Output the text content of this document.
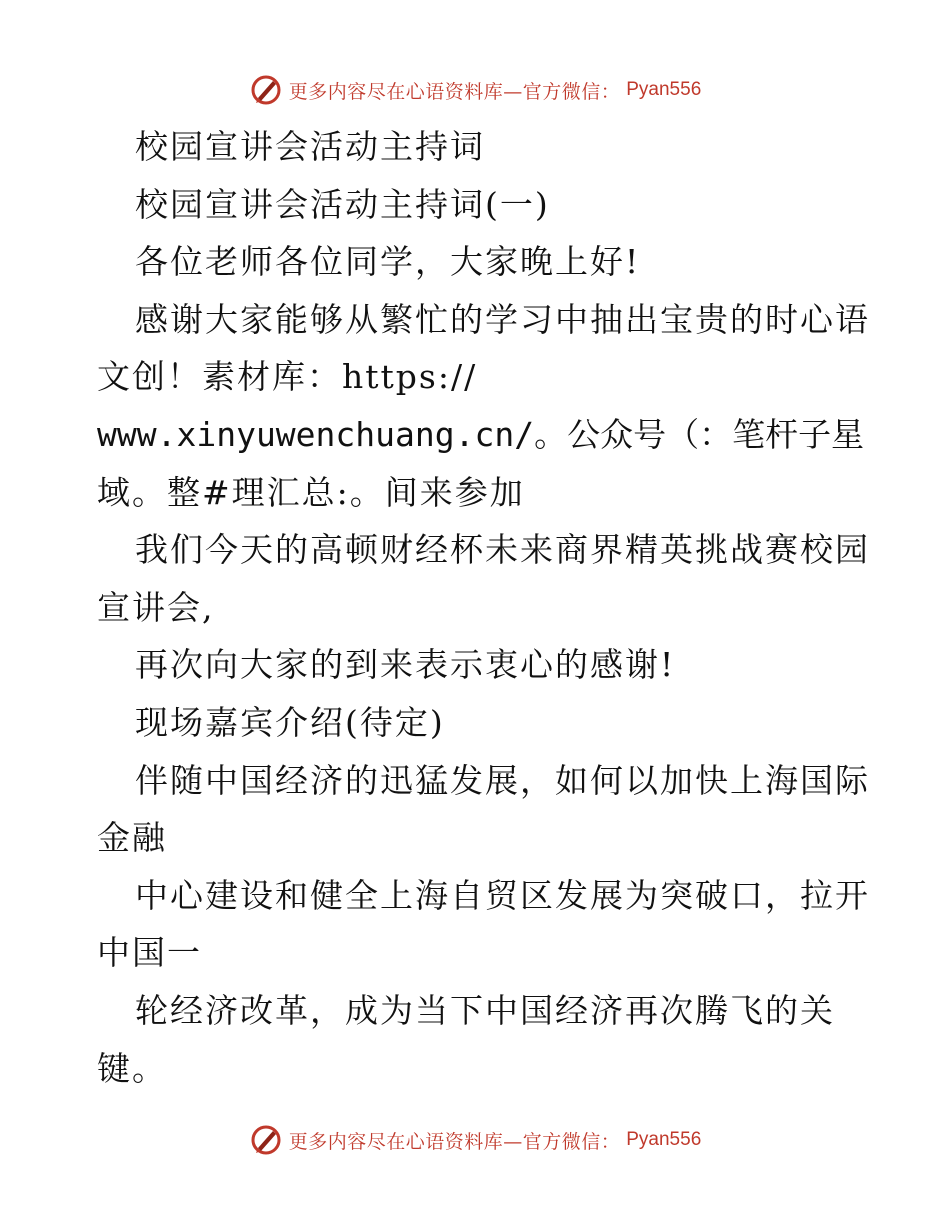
更多内容尽在心语资料库—官方微信： Pyan556
校园宣讲会活动主持词
校园宣讲会活动主持词(一)
各位老师各位同学，大家晚上好!
感谢大家能够从繁忙的学习中抽出宝贵的时心语
文创！素材库：https://
www.xinyuwenchuang.cn/。公众号（：笔杆子星
域。整#理汇总:。间来参加
我们今天的高顿财经杯未来商界精英挑战赛校园
宣讲会,
再次向大家的到来表示衷心的感谢!
现场嘉宾介绍(待定)
伴随中国经济的迅猛发展，如何以加快上海国际
金融
中心建设和健全上海自贸区发展为突破口，拉开
中国一
轮经济改革，成为当下中国经济再次腾飞的关
键。
更多内容尽在心语资料库—官方微信： Pyan556
